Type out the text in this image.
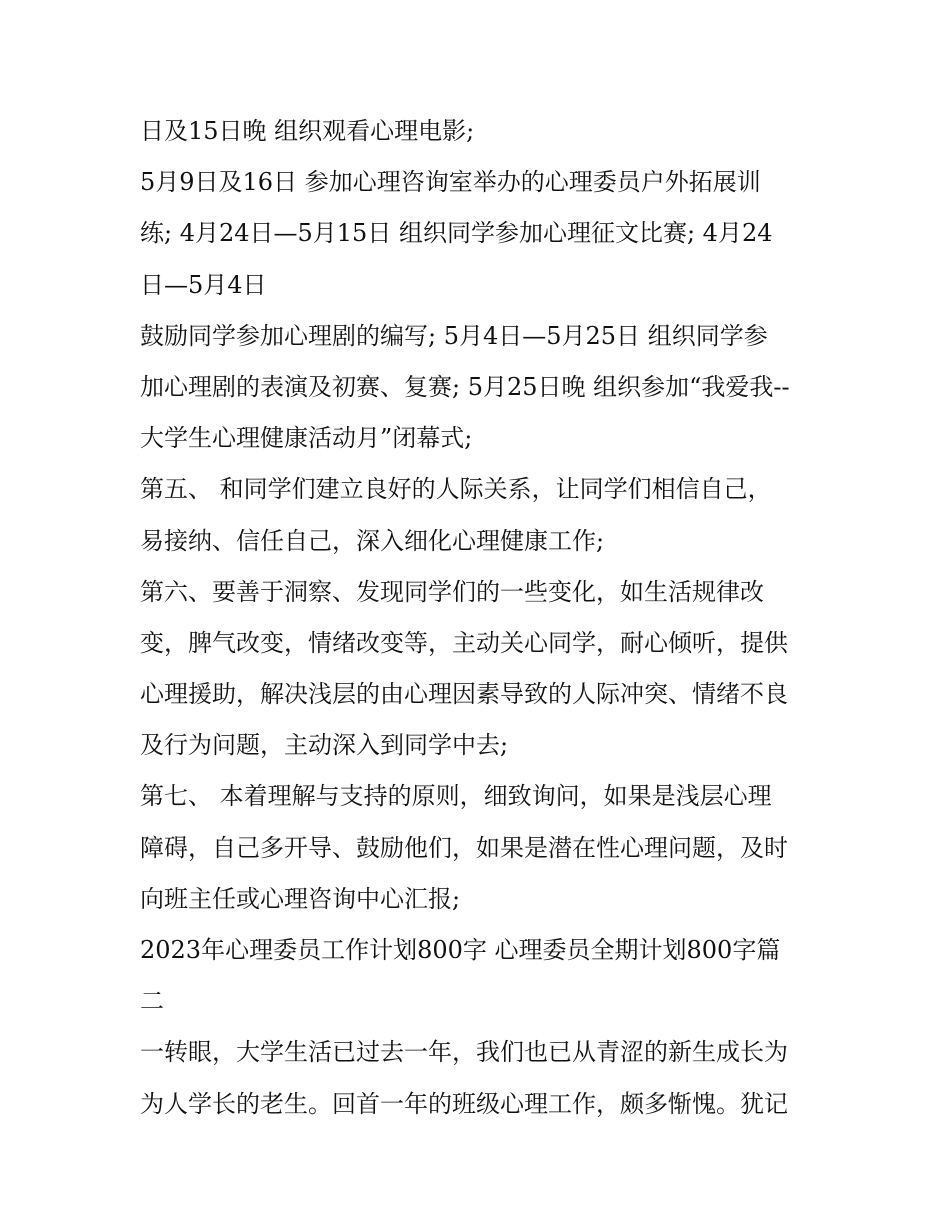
日及15日晚 组织观看心理电影;
5月9日及16日 参加心理咨询室举办的心理委员户外拓展训
练; 4月24日—5月15日 组织同学参加心理征文比赛; 4月24
日—5月4日
鼓励同学参加心理剧的编写; 5月4日—5月25日 组织同学参
加心理剧的表演及初赛、复赛; 5月25日晚 组织参加“我爱我--
大学生心理健康活动月”闭幕式;
第五、 和同学们建立良好的人际关系，让同学们相信自己，
易接纳、信任自己，深入细化心理健康工作;
第六、要善于洞察、发现同学们的一些变化，如生活规律改
变，脾气改变，情绪改变等，主动关心同学，耐心倾听，提供
心理援助，解决浅层的由心理因素导致的人际冲突、情绪不良
及行为问题，主动深入到同学中去;
第七、 本着理解与支持的原则，细致询问，如果是浅层心理
障碍，自己多开导、鼓励他们，如果是潜在性心理问题，及时
向班主任或心理咨询中心汇报;
2023年心理委员工作计划800字 心理委员全期计划800字篇
二
一转眼，大学生活已过去一年，我们也已从青涩的新生成长为
为人学长的老生。回首一年的班级心理工作，颇多惭愧。犹记
